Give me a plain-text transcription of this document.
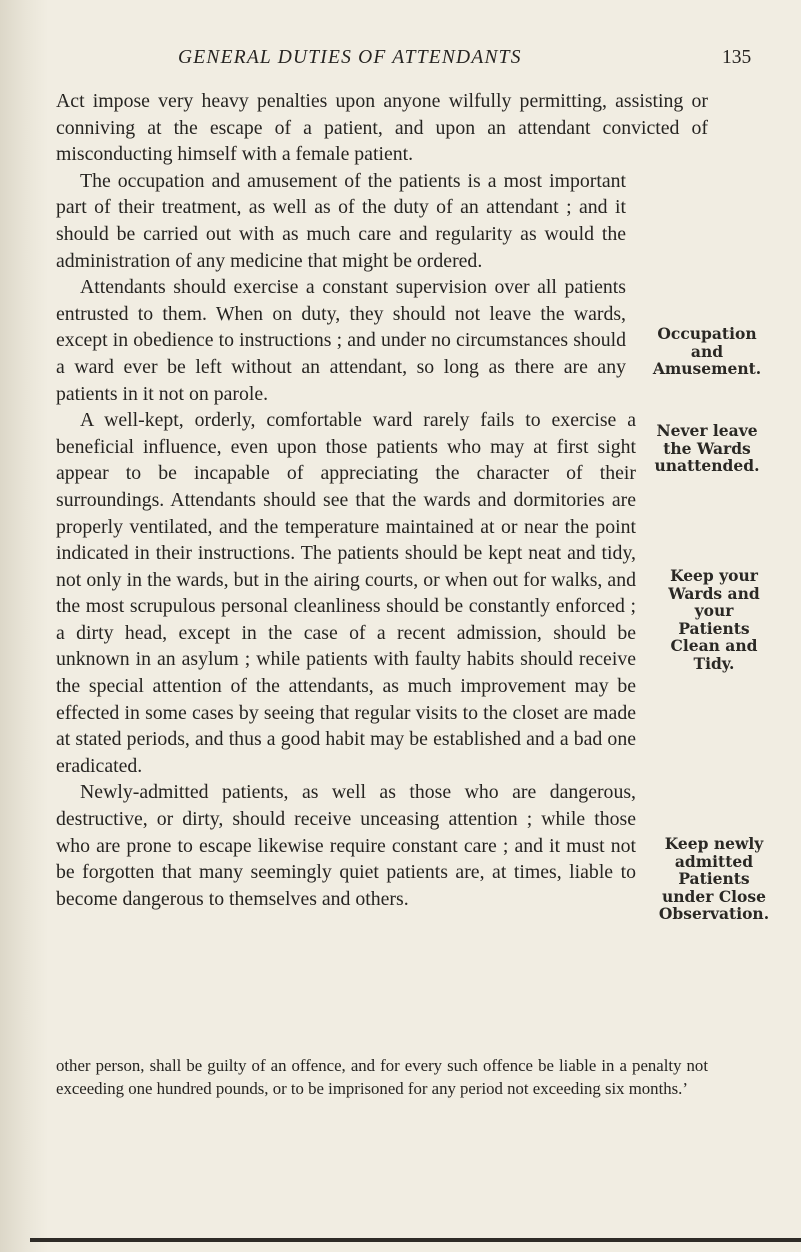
GENERAL DUTIES OF ATTENDANTS	135

Act impose very heavy penalties upon anyone wilfully permitting, assisting or conniving at the escape of a patient, and upon an attendant convicted of misconducting himself with a female patient.

The occupation and amusement of the patients is a most important part of their treatment, as well as of the duty of an attendant ; and it should be carried out with as much care and regularity as would the administration of any medicine that might be ordered.

Attendants should exercise a constant supervision over all patients entrusted to them. When on duty, they should not leave the wards, except in obedience to instructions ; and under no circumstances should a ward ever be left without an attendant, so long as there are any patients in it not on parole.

A well-kept, orderly, comfortable ward rarely fails to exercise a beneficial influence, even upon those patients who may at first sight appear to be incapable of appreciating the character of their surroundings. Attendants should see that the wards and dormitories are properly ventilated, and the temperature maintained at or near the point indicated in their instructions. The patients should be kept neat and tidy, not only in the wards, but in the airing courts, or when out for walks, and the most scrupulous personal cleanliness should be constantly enforced ; a dirty head, except in the case of a recent admission, should be unknown in an asylum ; while patients with faulty habits should receive the special attention of the attendants, as much improvement may be effected in some cases by seeing that regular visits to the closet are made at stated periods, and thus a good habit may be established and a bad one eradicated.

Newly-admitted patients, as well as those who are dangerous, destructive, or dirty, should receive unceasing attention ; while those who are prone to escape likewise require constant care ; and it must not be forgotten that many seemingly quiet patients are, at times, liable to become dangerous to themselves and others.

Occupation
and
Amusement.
Never leave
the Wards
unattended.
Keep your
Wards and
your
Patients
Clean and
Tidy.
Keep newly
admitted
Patients
under Close
Observation.
other person, shall be guilty of an offence, and for every such offence be liable in a penalty not exceeding one hundred pounds, or to be imprisoned for any period not exceeding six months.’
